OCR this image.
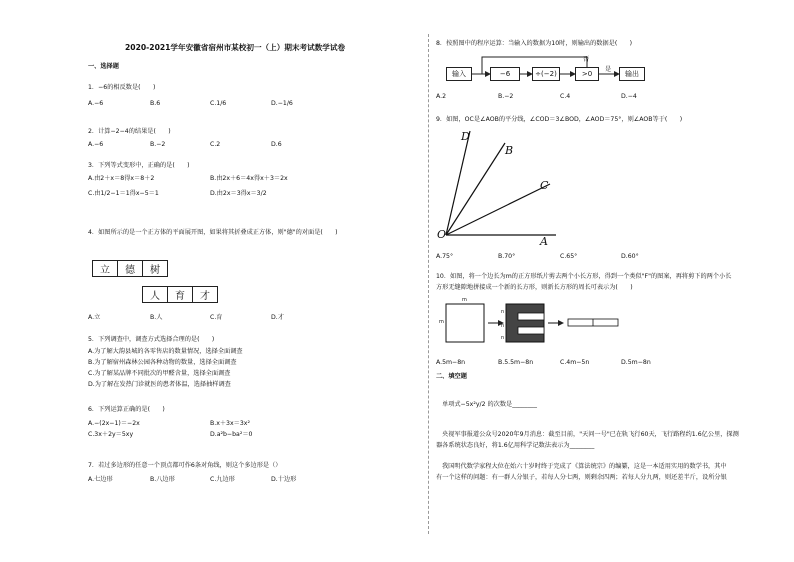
2020-2021学年安徽省宿州市某校初一（上）期末考试数学试卷
一、选择题
1．−6的相反数是(　　)
A.−6	B.6	C.1/6	D.−1/6
2．计算−2−4的结果是(　　)
A.−6	B.−2	C.2	D.6
3．下列等式变形中，正确的是(　　)
A.由2＋x＝8得x＝8＋2	B.由2x＋6＝4x得x＋3＝2x
C.由1/2−1＝1得x−5＝1	D.由2x＝3得x＝3/2
4．如图所示的是一个正方体的平面展开图，如果将其折叠成正方体，则"德"的对面是(　　)
立	德	树
人	育	才
A.立	B.人	C.育	D.才
5．下列调查中，调查方式选择合理的是(　　)
A.为了解大韵县城的各零售店的数量情况，选择全面调查
B.为了解宿州森林公园各种动物的数量，选择全面调查
C.为了解某品牌不同批次的甲醛含量，选择全面调查
D.为了解在发热门诊就医的患者体温，选择抽样调查
6．下列运算正确的是(　　)
A.−(2x−1)＝−2x	B.x＋3x＝3x²
C.3x＋2y＝5xy	D.a²b−ba²＝0
7．若过多边形的任意一个顶点都可作6条对角线，则这个多边形是（）
A.七边形	B.八边形	C.九边形	D.十边形
8．按照图中的程序运算：当输入的数据为10时，则输出的数据是(　　)
输入	−6	÷(−2)	>0	输出
否
是
A.2	B.−2	C.4	D.−4
9．如图，OC是∠AOB的平分线，∠COD＝3∠BOD，∠AOD＝75°，则∠AOB等于(　　)
O
A
C
B
D
A.75°	B.70°	C.65°	D.60°
10．如图，将一个边长为m的正方形纸片剪去两个小长方形，得到一个类似"F"的图案，再将剪下的两个小长
方形无缝隙地拼接成一个新的长方形，则新长方形的周长可表示为(　　)
m
m
n
n
n
A.5m−8n	B.5.5m−8n	C.4m−5n	D.5m−8n
二、填空题
单项式−5x²y/2 的次数是________
央视军事报道公众号2020年9月消息：截至目前，"天问一号"已在轨飞行60天，飞行路程约1.6亿公里，探测
器各系统状态良好，将1.6亿用科学记数法表示为________
我国明代数学家程大位在始六十岁时终于完成了《算法统宗》的编纂，这是一本适用实用的数学书，其中
有一个这样的问题：有一群人分银子，若每人分七两，则剩余四两；若每人分九两，则还差半斤，设所分银
